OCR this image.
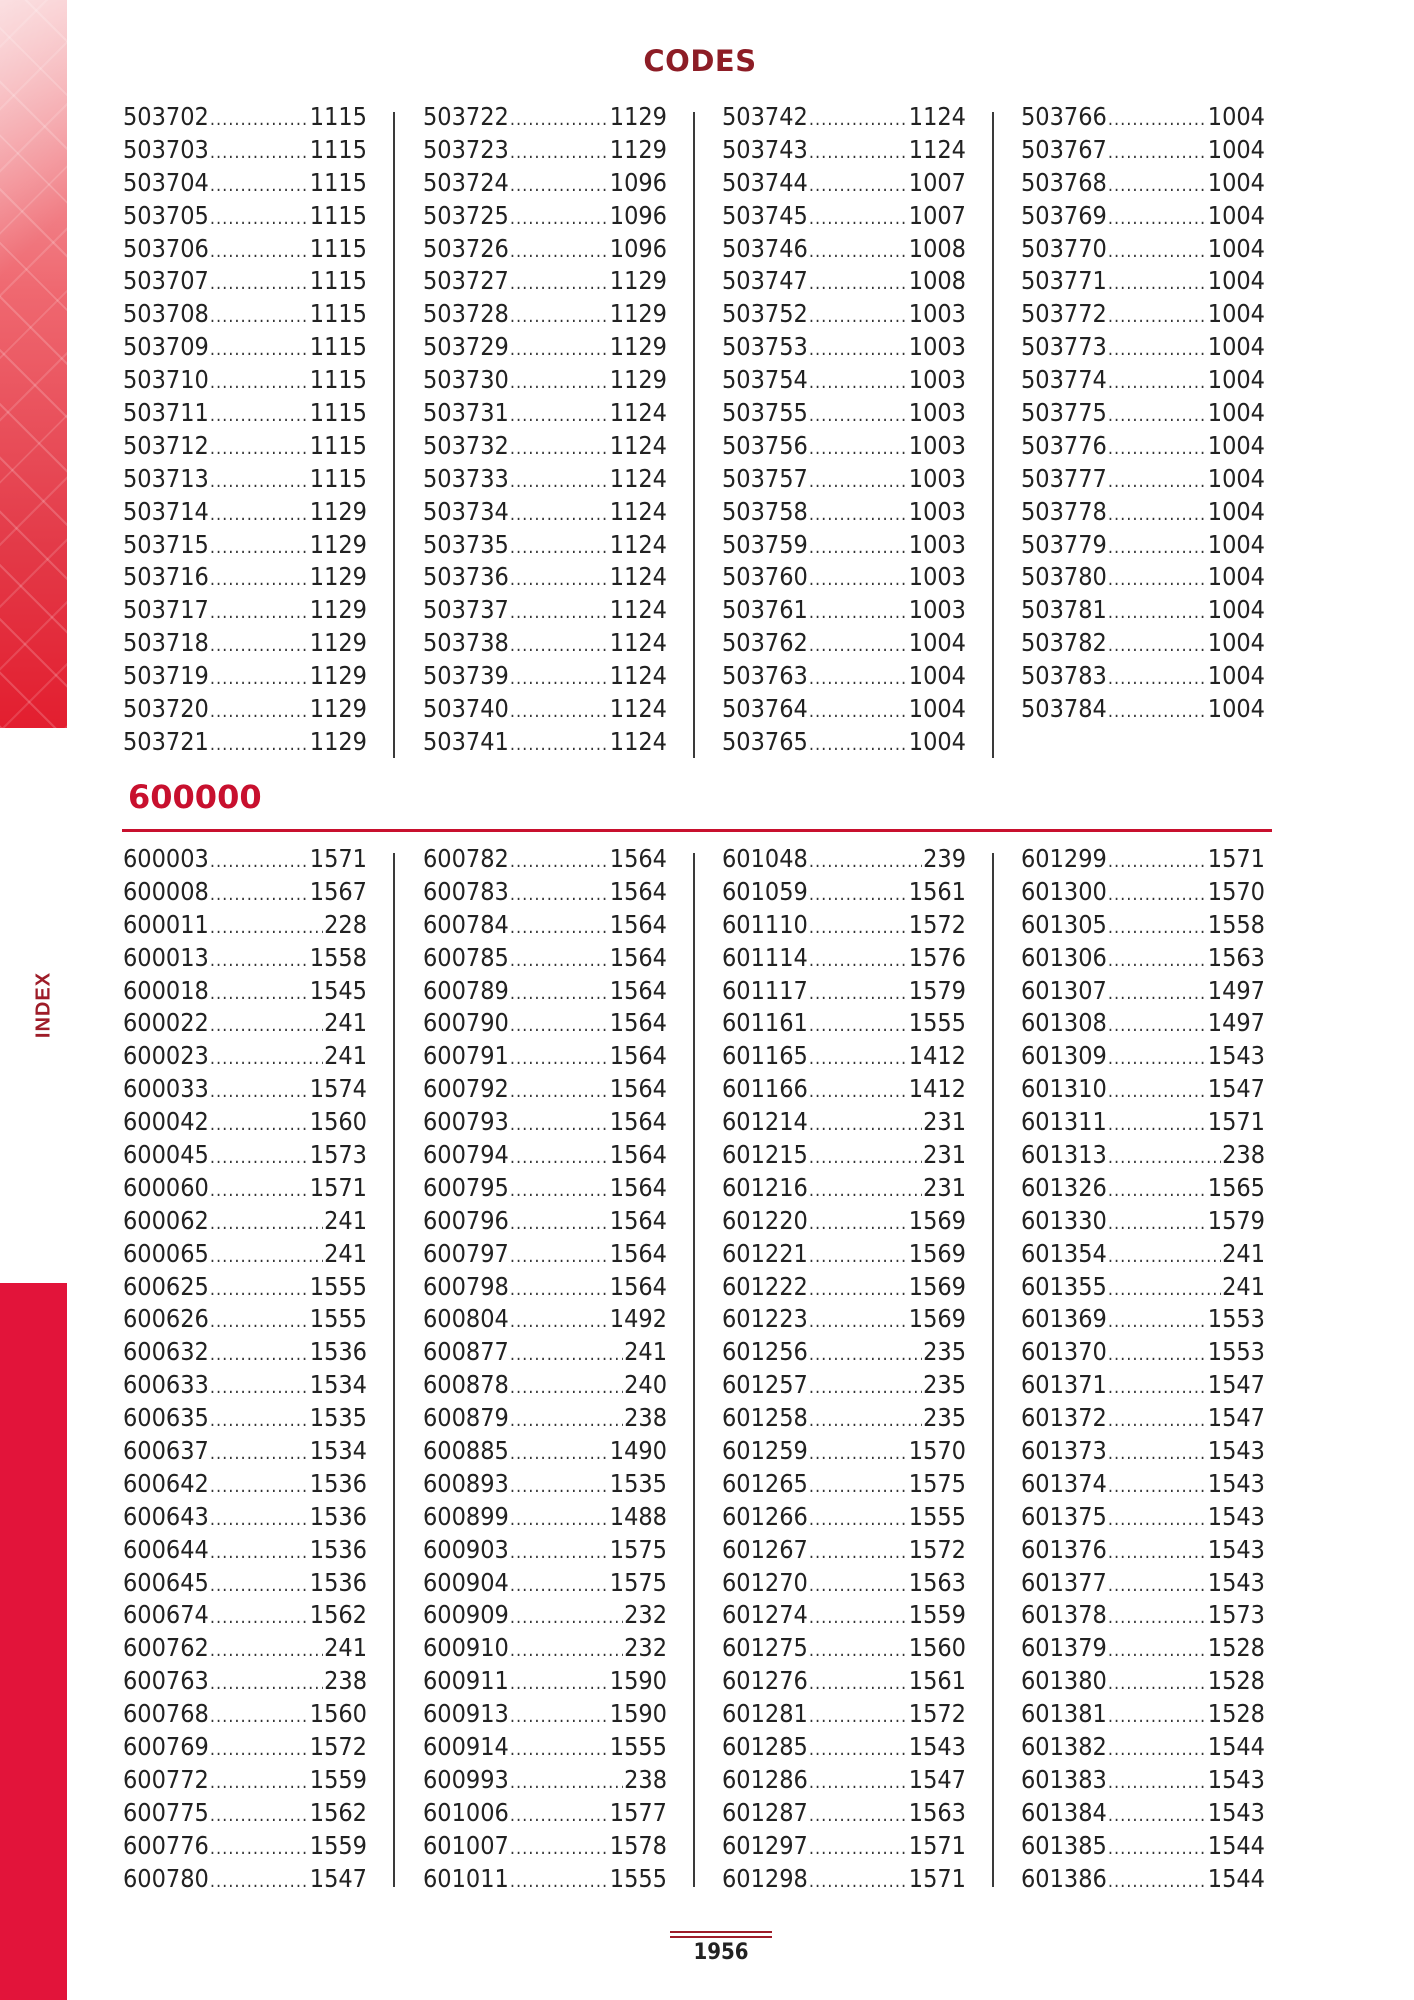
INDEX
CODES
503702 .....	1115
503703 .....	1115
503704 .....	1115
503705 .....	1115
503706 .....	1115
503707 .....	1115
503708 .....	1115
503709 .....	1115
503710 .....	1115
503711 .....	1115
503712 .....	1115
503713 .....	1115
503714 .....	1129
503715 .....	1129
503716 .....	1129
503717 .....	1129
503718 .....	1129
503719 .....	1129
503720 .....	1129
503721 .....	1129
503722 .....	1129
503723 .....	1129
503724 .....	1096
503725 .....	1096
503726 .....	1096
503727 .....	1129
503728 .....	1129
503729 .....	1129
503730 .....	1129
503731 .....	1124
503732 .....	1124
503733 .....	1124
503734 .....	1124
503735 .....	1124
503736 .....	1124
503737 .....	1124
503738 .....	1124
503739 .....	1124
503740 .....	1124
503741 .....	1124
503742 .....	1124
503743 .....	1124
503744 .....	1007
503745 .....	1007
503746 .....	1008
503747 .....	1008
503752 .....	1003
503753 .....	1003
503754 .....	1003
503755 .....	1003
503756 .....	1003
503757 .....	1003
503758 .....	1003
503759 .....	1003
503760 .....	1003
503761 .....	1003
503762 .....	1004
503763 .....	1004
503764 .....	1004
503765 .....	1004
503766 .....	1004
503767 .....	1004
503768 .....	1004
503769 .....	1004
503770 .....	1004
503771 .....	1004
503772 .....	1004
503773 .....	1004
503774 .....	1004
503775 .....	1004
503776 .....	1004
503777 .....	1004
503778 .....	1004
503779 .....	1004
503780 .....	1004
503781 .....	1004
503782 .....	1004
503783 .....	1004
503784 .....	1004
600000
600003 .....	1571
600008 .....	1567
600011 .....	228
600013 .....	1558
600018 .....	1545
600022 .....	241
600023 .....	241
600033 .....	1574
600042 .....	1560
600045 .....	1573
600060 .....	1571
600062 .....	241
600065 .....	241
600625 .....	1555
600626 .....	1555
600632 .....	1536
600633 .....	1534
600635 .....	1535
600637 .....	1534
600642 .....	1536
600643 .....	1536
600644 .....	1536
600645 .....	1536
600674 .....	1562
600762 .....	241
600763 .....	238
600768 .....	1560
600769 .....	1572
600772 .....	1559
600775 .....	1562
600776 .....	1559
600780 .....	1547
600782 .....	1564
600783 .....	1564
600784 .....	1564
600785 .....	1564
600789 .....	1564
600790 .....	1564
600791 .....	1564
600792 .....	1564
600793 .....	1564
600794 .....	1564
600795 .....	1564
600796 .....	1564
600797 .....	1564
600798 .....	1564
600804 .....	1492
600877 .....	241
600878 .....	240
600879 .....	238
600885 .....	1490
600893 .....	1535
600899 .....	1488
600903 .....	1575
600904 .....	1575
600909 .....	232
600910 .....	232
600911 .....	1590
600913 .....	1590
600914 .....	1555
600993 .....	238
601006 .....	1577
601007 .....	1578
601011 .....	1555
601048 .....	239
601059 .....	1561
601110 .....	1572
601114 .....	1576
601117 .....	1579
601161 .....	1555
601165 .....	1412
601166 .....	1412
601214 .....	231
601215 .....	231
601216 .....	231
601220 .....	1569
601221 .....	1569
601222 .....	1569
601223 .....	1569
601256 .....	235
601257 .....	235
601258 .....	235
601259 .....	1570
601265 .....	1575
601266 .....	1555
601267 .....	1572
601270 .....	1563
601274 .....	1559
601275 .....	1560
601276 .....	1561
601281 .....	1572
601285 .....	1543
601286 .....	1547
601287 .....	1563
601297 .....	1571
601298 .....	1571
601299 .....	1571
601300 .....	1570
601305 .....	1558
601306 .....	1563
601307 .....	1497
601308 .....	1497
601309 .....	1543
601310 .....	1547
601311 .....	1571
601313 .....	238
601326 .....	1565
601330 .....	1579
601354 .....	241
601355 .....	241
601369 .....	1553
601370 .....	1553
601371 .....	1547
601372 .....	1547
601373 .....	1543
601374 .....	1543
601375 .....	1543
601376 .....	1543
601377 .....	1543
601378 .....	1573
601379 .....	1528
601380 .....	1528
601381 .....	1528
601382 .....	1544
601383 .....	1543
601384 .....	1543
601385 .....	1544
601386 .....	1544
1956
